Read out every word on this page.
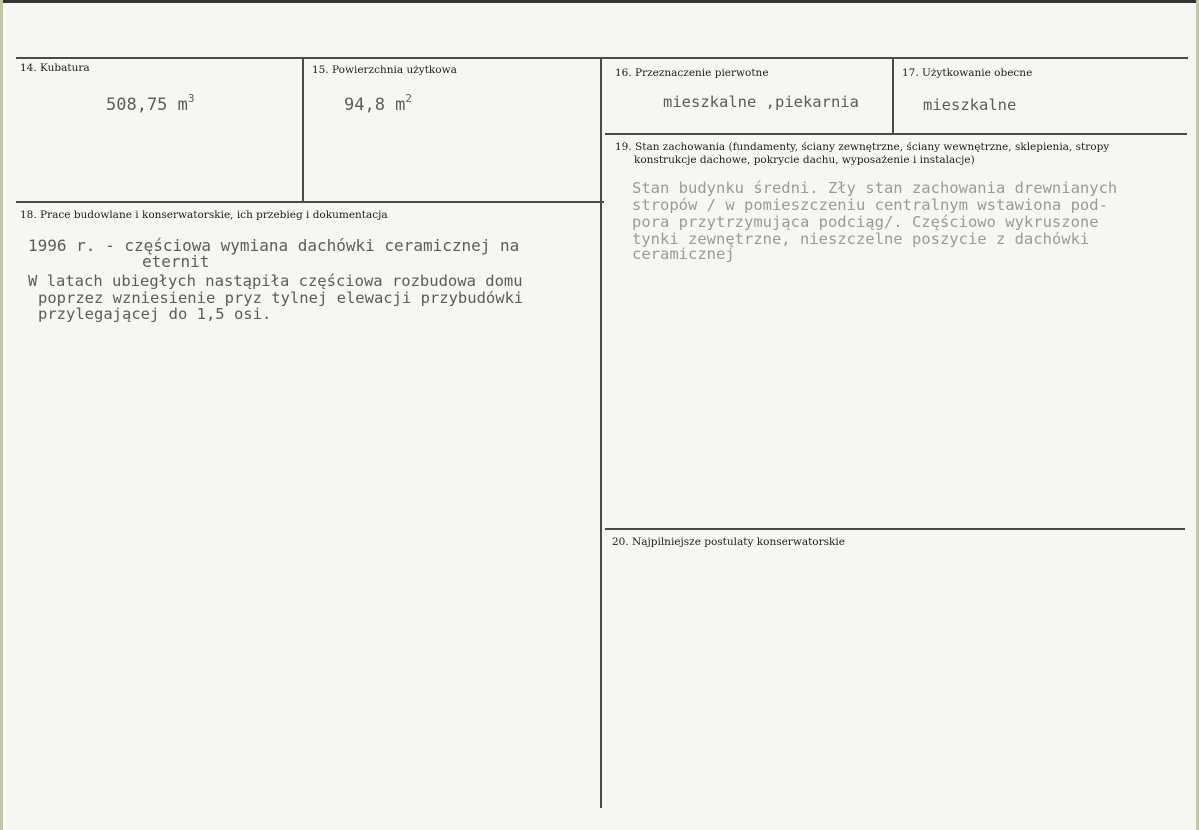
14. Kubatura
508,75 $m^3$
15. Powierzchnia użytkowa
94,8 $m^2$
16. Przeznaczenie pierwotne
mieszkalne ,piekarnia
17. Użytkowanie obecne
mieszkalne
18. Prace budowlane i konserwatorskie, ich przebieg i dokumentacja
1996 r. - częściowa wymiana dachówki ceramicznej na
eternit
W latach ubiegłych nastąpiła częściowa rozbudowa domu
poprzez wzniesienie pryz tylnej elewacji przybudówki
przylegającej do 1,5 osi.
19. Stan zachowania (fundamenty, ściany zewnętrzne, ściany wewnętrzne, sklepienia, stropy
konstrukcje dachowe, pokrycie dachu, wyposażenie i instalacje)
Stan budynku średni. Zły stan zachowania drewnianych
stropów / w pomieszczeniu centralnym wstawiona pod-
pora przytrzymująca podciąg/. Częściowo wykruszone
tynki zewnętrzne, nieszczelne poszycie z dachówki
ceramicznej
20. Najpilniejsze postulaty konserwatorskie
